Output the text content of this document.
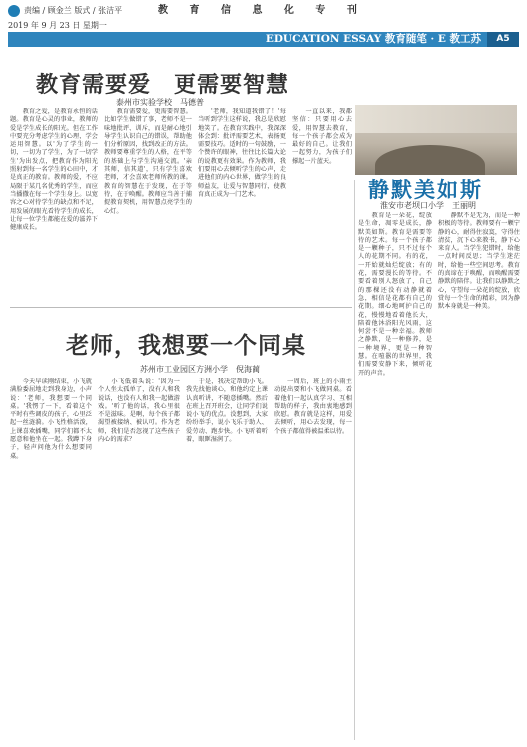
责编 / 顾金兰 版式 / 张洁平	教 育 信 息 化 专 刊
2019 年 9 月 23 日 星期一
EDUCATION ESSAY 教育随笔 · E 教工苏	A5
教育需要爱　更需要智慧
泰州市实验学校　马德普
　　教育之爱，是教育永恒的话题。教育是心灵的事业，教师的爱是学生成长的阳光。但在工作中要充分考虑学生的心理，学会运用智慧。以'为了学生的一切，一切为了学生，为了一切学生'为出发点，把教育作为阳光照射到每一名学生的心田中，才是真正的教育。教师的爱，不应局限于某几名优秀的学生，而应当播撒在每一个学生身上。以宽容之心对待学生的缺点和不足，用发展的眼光看待学生的成长，让每一位学生都能在爱的滋养下健康成长。
　　教育需要爱，更需要智慧。比如学生做错了事，老师不是一味地批评、训斥，而是耐心地引导学生认识自己的错误，帮助他们分析原因，找到改正的方法。教师要尊重学生的人格，在平等的基础上与学生沟通交流。'亲其师，信其道'，只有学生喜欢老师，才会喜欢老师所教的课。教育的智慧在于发现，在于等待，在于唤醒。教师应当善于捕捉教育契机，用智慧点亮学生的心灯。
　　'老师，我知道我错了！'每当听到学生这样说，我总是欣慰地笑了。在教育实践中，我深深体会到：批评需要艺术，表扬更需要技巧。适时的一句鼓励，一个赞许的眼神，往往比长篇大论的说教更有效果。作为教师，我们要用心去倾听学生的心声，走进他们的内心世界，做学生的良师益友，让爱与智慧同行，使教育真正成为一门艺术。
　　一直以来，我都坚信：只要用心去爱，用智慧去教育，每一个孩子都会成为最好的自己。让我们一起努力，为孩子们撑起一片蓝天。
静默美如斯
淮安市老坝口小学　王丽明
　　教育是一朵花，绽放是生命，凋零是成长，静默美如斯。教育是需要等待的艺术。每一个孩子都是一颗种子，只不过每个人的花期不同。有的花，一开始就灿烂绽放；有的花，需要漫长的等待。不要看着别人怒放了，自己的那棵还没有动静就着急，相信是花都有自己的花期。细心地呵护自己的花，慢慢地看着他长大，陪着他沐浴阳光风雨，这何尝不是一种幸福。教师之静默，是一种修养，是一种境界，更是一种智慧。在喧嚣的世界里，我们需要安静下来，倾听花开的声音。
　　静默不是无为，而是一种积极的等待。教师要有一颗宁静的心，耐得住寂寞，守得住清贫，沉下心来教书，静下心来育人。当学生犯错时，给他一点时间反思；当学生迷茫时，给他一些空间思考。教育的真谛在于唤醒，而唤醒需要静默的陪伴。让我们以静默之心，守望每一朵花的绽放，欣赏每一个生命的精彩，因为静默本身就是一种美。
老师，我想要一个同桌
苏州市工业园区方洲小学　倪海蔺
　　今天早读刚结束，小飞就满脸委屈地走到我身边，小声说：'老师，我想要一个同桌。'我愣了一下，看着这个平时有些调皮的孩子，心里泛起一丝涟漪。小飞性格活泼，上课喜欢插嘴，同学们都不太愿意和他坐在一起。我蹲下身子，轻声问他为什么想要同桌。
　　小飞低着头说：'因为一个人坐太孤单了，没有人和我说话，也没有人和我一起做游戏。'听了他的话，我心里很不是滋味。是啊，每个孩子都渴望被接纳、被认可。作为老师，我们是否忽视了这些孩子内心的需求？
　　于是，我决定帮助小飞。我先找他谈心，和他约定上课认真听讲，不随意插嘴。然后在班上召开班会，让同学们说说小飞的优点。没想到，大家纷纷举手，说小飞乐于助人、爱劳动、跑步快。小飞听着听着，眼眶湿润了。
　　一周后，班上的小雨主动提出要和小飞做同桌。看着他们一起认真学习、互相帮助的样子，我由衷地感到欣慰。教育就是这样，用爱去倾听，用心去发现，每一个孩子都值得被温柔以待。
